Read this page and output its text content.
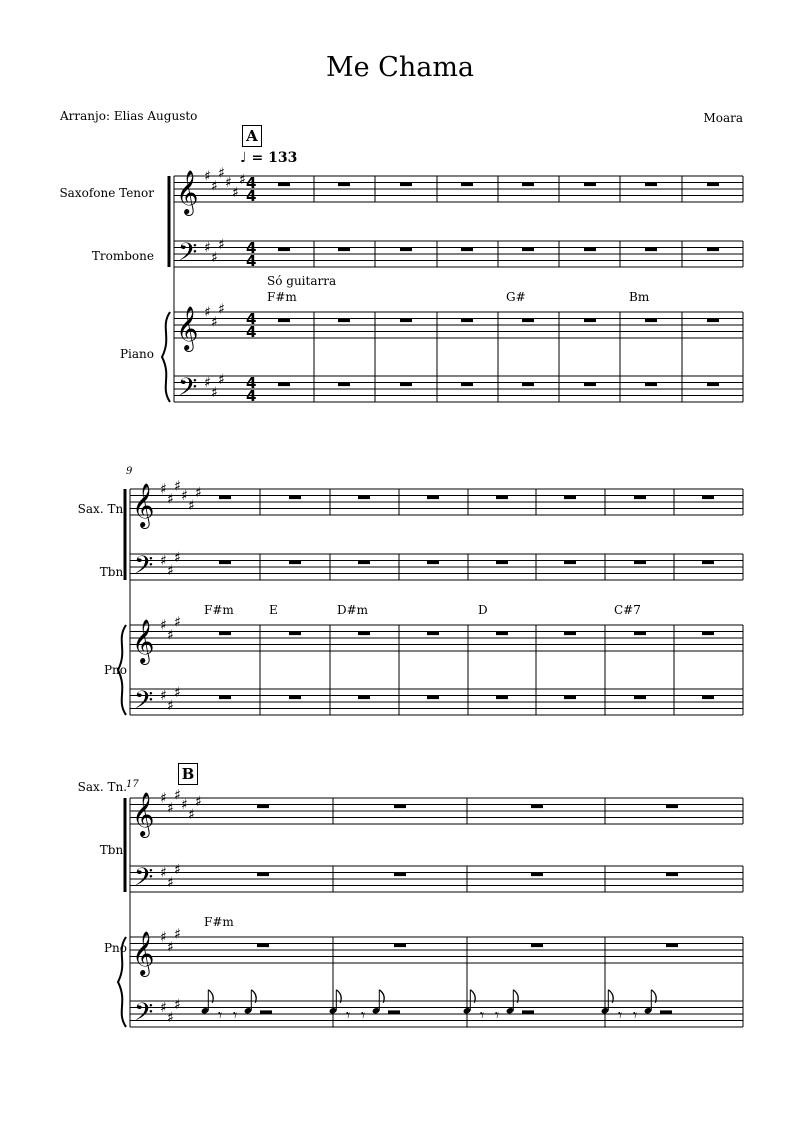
𝄞
𝄢
𝄞
𝄢
♯
♯
♯
♯
♯
♯
♯
♯
♯
♯
♯
♯
♯
♯
♯
4
4
4
4
4
4
4
4
𝄞
𝄢
𝄞
𝄢
♯
♯
♯
♯
♯
♯
♯
♯
♯
♯
♯
♯
♯
♯
♯
𝄞
𝄢
𝄞
𝄢
♯
♯
♯
♯
♯
♯
♯
♯
♯
♯
♯
♯
♯
♯
♯
𝄾 𝄾	𝄾 𝄾	𝄾 𝄾	𝄾 𝄾
Me Chama
Arranjo: Elias Augusto	Moara
Saxofone Tenor
Trombone
Piano
Sax. Tn.
Tbn.
Pno
Sax. Tn.
Tbn.
Pno
A
♩ = 133
B
9
17
Só guitarra
F#m	G#	Bm
F#m	E	D#m	D	C#7
F#m
